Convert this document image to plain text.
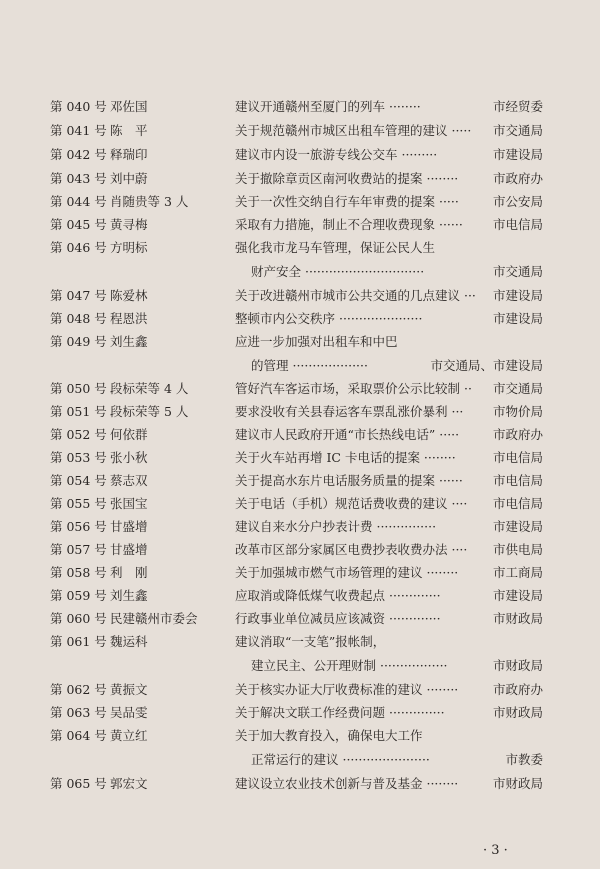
第 040 号 邓佐国	建议开通赣州至厦门的列车 ········	市经贸委
第 041 号 陈　平	关于规范赣州市城区出租车管理的建议 ····· 市交通局
第 042 号 释瑞印	建议市内设一旅游专线公交车 ·········	市建设局
第 043 号 刘中蔚	关于撤除章贡区南河收费站的提案 ········	市政府办
第 044 号 肖随贵等 3 人	关于一次性交纳自行车年审费的提案 ·····	市公安局
第 045 号 黄寻梅	采取有力措施，制止不合理收费现象 ······ 市电信局
第 046 号 方明标	强化我市龙马车管理，保证公民人生
财产安全 ······························	市交通局
第 047 号 陈爱林	关于改进赣州市城市公共交通的几点建议 ··· 市建设局
第 048 号 程恩洪	整顿市内公交秩序 ·····················	市建设局
第 049 号 刘生鑫	应进一步加强对出租车和中巴
的管理 ···················	市交通局、市建设局
第 050 号 段标荣等 4 人	管好汽车客运市场，采取票价公示比较制 ·· 市交通局
第 051 号 段标荣等 5 人	要求没收有关县春运客车票乱涨价暴利 ··· 市物价局
第 052 号 何依群	建议市人民政府开通“市长热线电话” ·····	市政府办
第 053 号 张小秋	关于火车站再增 IC 卡电话的提案 ········	市电信局
第 054 号 蔡志双	关于提高水东片电话服务质量的提案 ······ 市电信局
第 055 号 张国宝	关于电话（手机）规范话费收费的建议 ···· 市电信局
第 056 号 甘盛增	建议自来水分户抄表计费 ···············	市建设局
第 057 号 甘盛增	改革市区部分家属区电费抄表收费办法 ···· 市供电局
第 058 号 利　刚	关于加强城市燃气市场管理的建议 ········	市工商局
第 059 号 刘生鑫	应取消或降低煤气收费起点 ·············	市建设局
第 060 号 民建赣州市委会	行政事业单位减员应该减资 ·············	市财政局
第 061 号 魏运科	建议消取“一支笔”报帐制，
建立民主、公开理财制 ·················	市财政局
第 062 号 黄振文	关于核实办证大厅收费标准的建议 ········	市政府办
第 063 号 吴品雯	关于解决文联工作经费问题 ··············	市财政局
第 064 号 黄立红	关于加大教育投入，确保电大工作
正常运行的建议 ······················	市教委
第 065 号 郭宏文	建议设立农业技术创新与普及基金 ········	市财政局
· 3 ·
